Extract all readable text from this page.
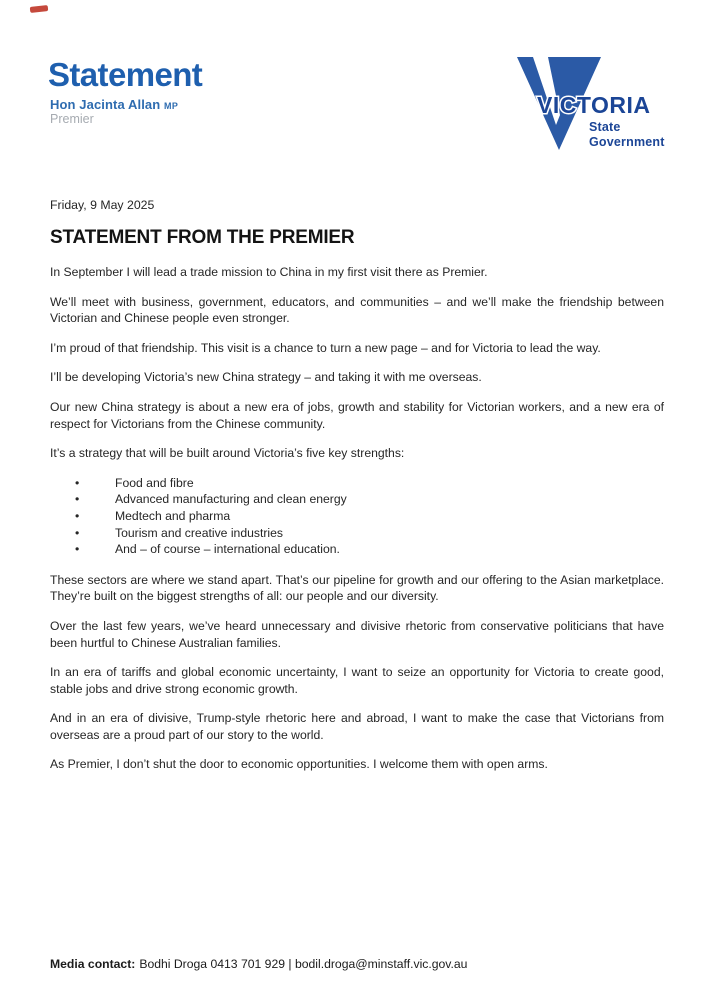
Statement
Hon Jacinta Allan MP
Premier
VICTORIA
State
Government
Friday, 9 May 2025
STATEMENT FROM THE PREMIER

In September I will lead a trade mission to China in my first visit there as Premier.

We’ll meet with business, government, educators, and communities – and we’ll make the friendship between Victorian and Chinese people even stronger.

I’m proud of that friendship. This visit is a chance to turn a new page – and for Victoria to lead the way.

I’ll be developing Victoria’s new China strategy – and taking it with me overseas.

Our new China strategy is about a new era of jobs, growth and stability for Victorian workers, and a new era of respect for Victorians from the Chinese community.

It’s a strategy that will be built around Victoria’s five key strengths:

•	Food and fibre
•	Advanced manufacturing and clean energy
•	Medtech and pharma
•	Tourism and creative industries
•	And – of course – international education.

These sectors are where we stand apart. That’s our pipeline for growth and our offering to the Asian marketplace. They’re built on the biggest strengths of all: our people and our diversity.

Over the last few years, we’ve heard unnecessary and divisive rhetoric from conservative politicians that have been hurtful to Chinese Australian families.

In an era of tariffs and global economic uncertainty, I want to seize an opportunity for Victoria to create good, stable jobs and drive strong economic growth.

And in an era of divisive, Trump-style rhetoric here and abroad, I want to make the case that Victorians from overseas are a proud part of our story to the world.

As Premier, I don’t shut the door to economic opportunities. I welcome them with open arms.

Media contact: Bodhi Droga 0413 701 929 | bodil.droga@minstaff.vic.gov.au
